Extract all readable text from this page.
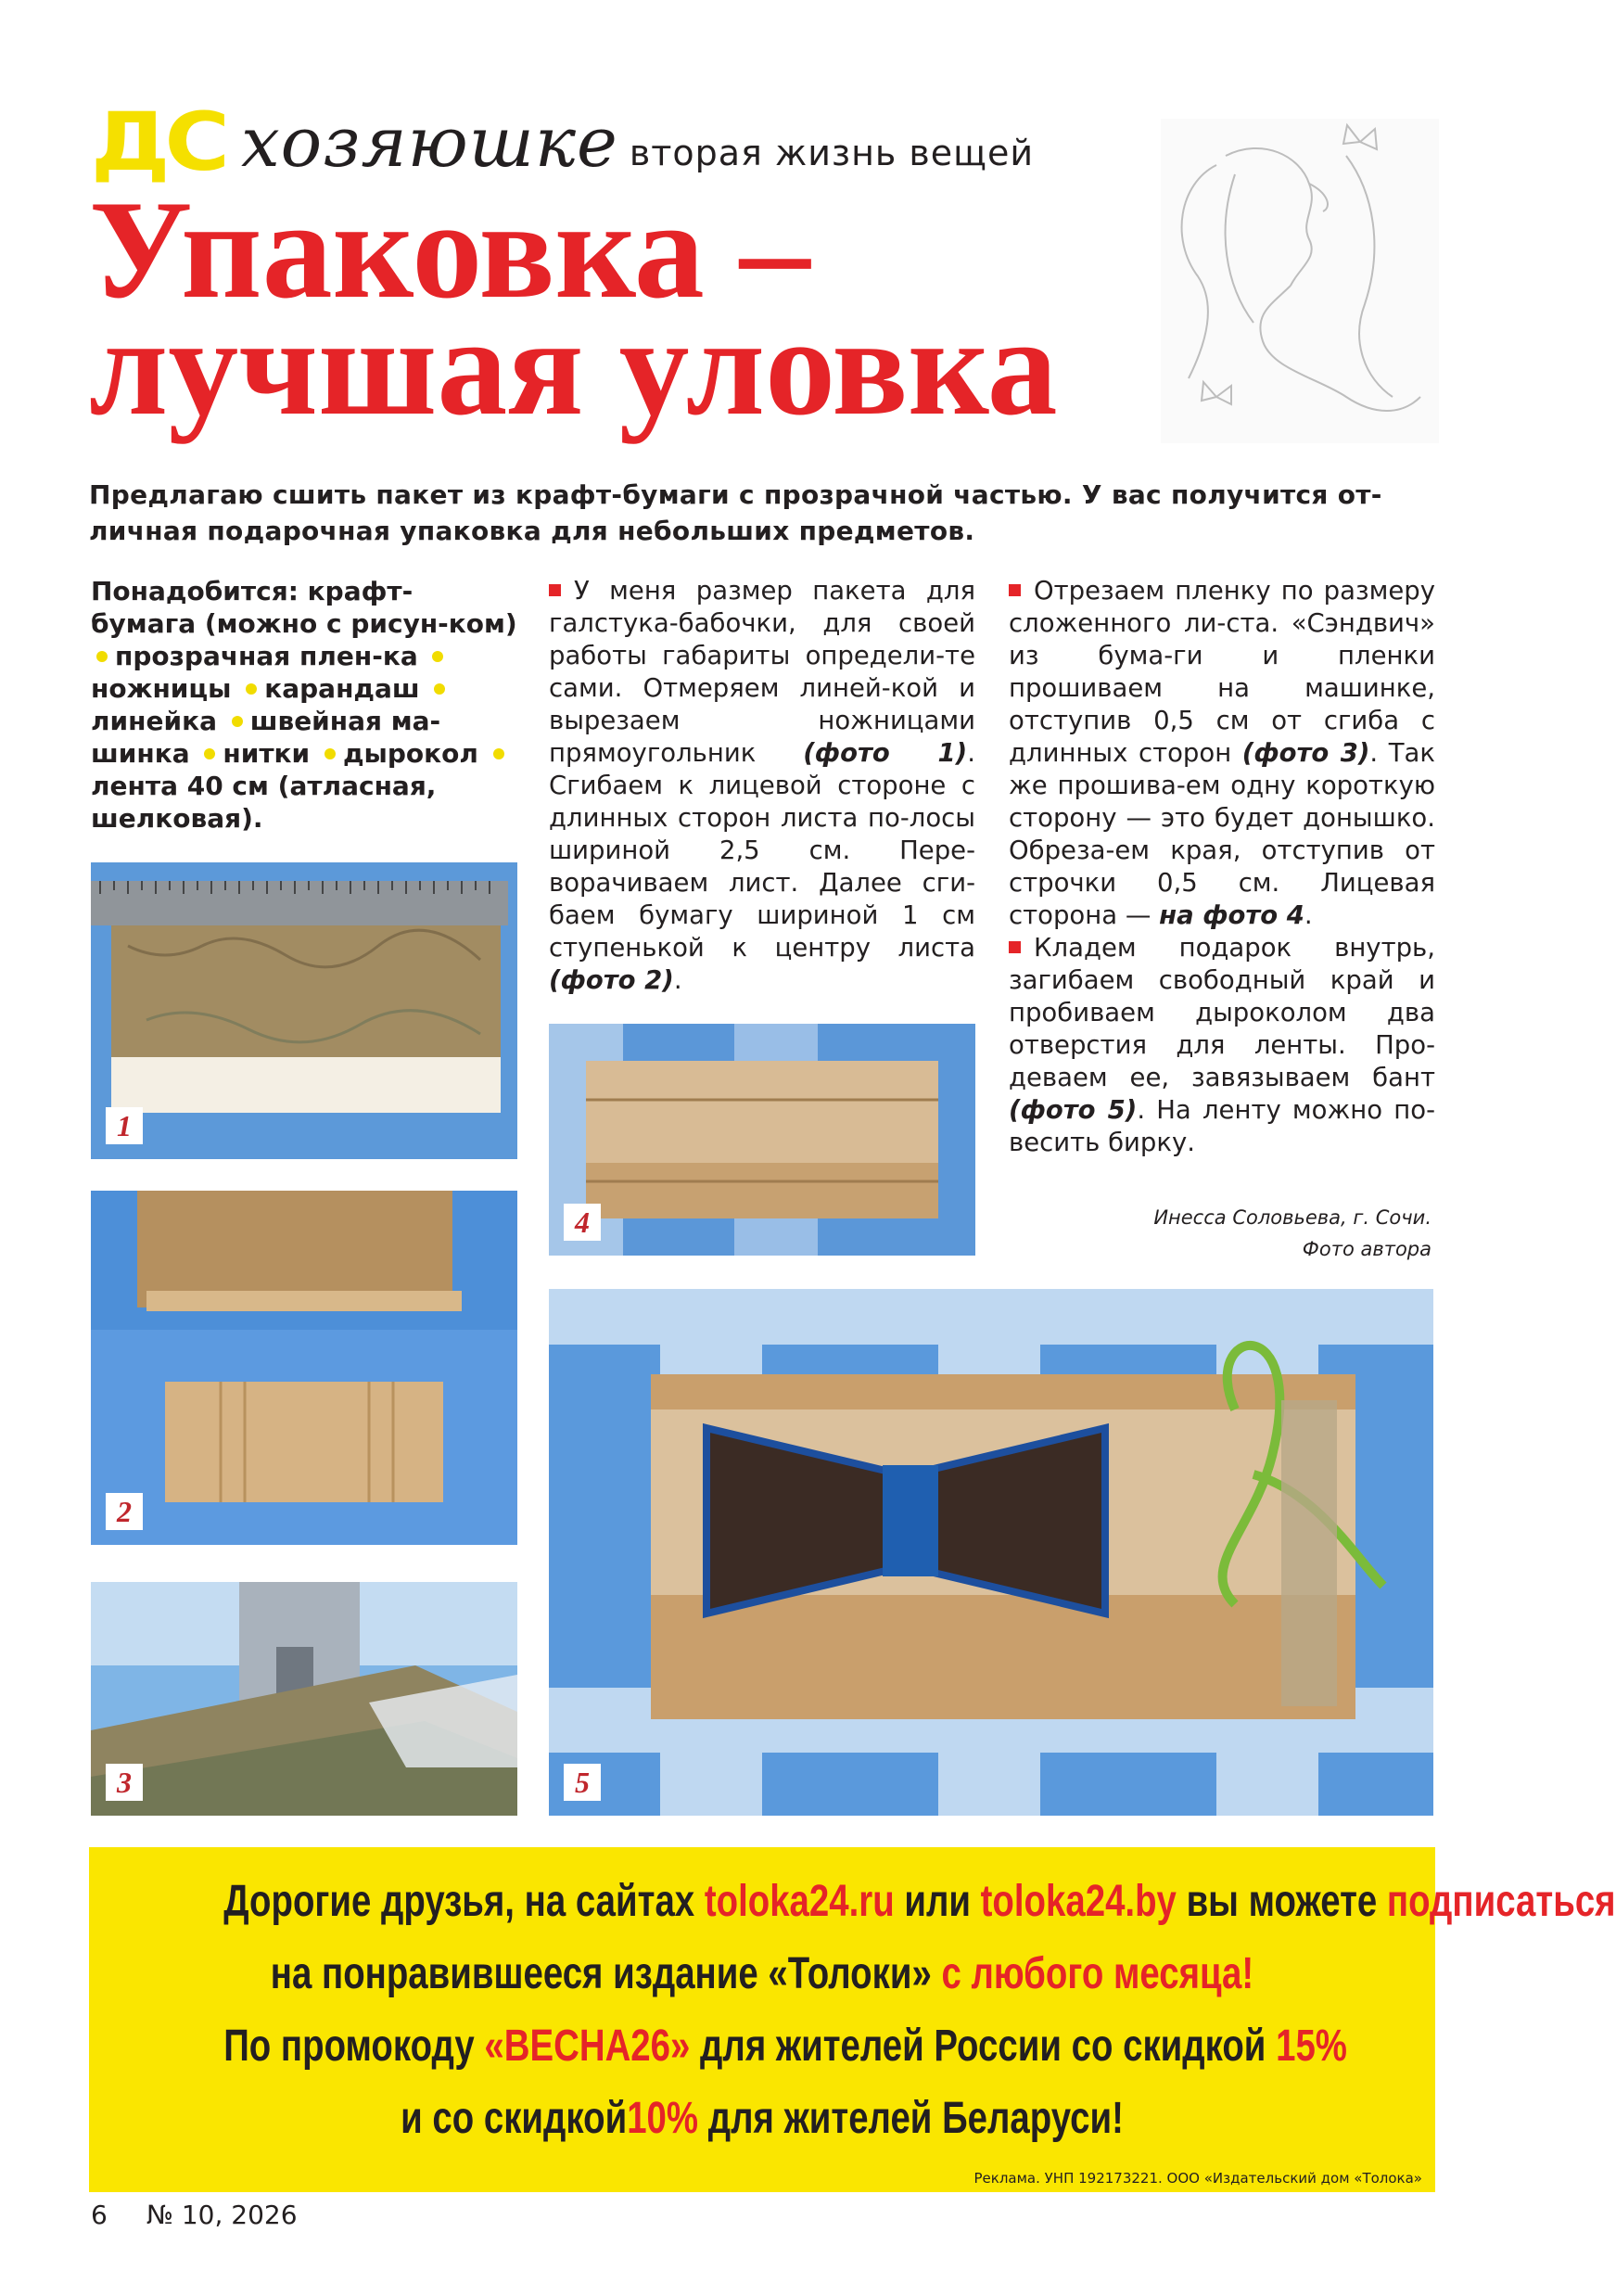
ДС хозяюшке вторая жизнь вещей
Упаковка –
лучшая уловка
Предлагаю сшить пакет из крафт-бумаги с прозрачной частью. У вас получится от-личная подарочная упаковка для небольших предметов.
Понадобится: крафт-бумага (можно с рисун-ком) прозрачная плен-ка ножницы карандаш линейка швейная ма-шинка нитки дырокол лента 40 см (атласная, шелковая).
У меня размер пакета для галстука-бабочки, для своей работы габариты определи-те сами. Отмеряем линей-кой и вырезаем ножницами прямоугольник (фото 1). Сгибаем к лицевой стороне с длинных сторон листа по-лосы шириной 2,5 см. Пере-ворачиваем лист. Далее сги-баем бумагу шириной 1 см ступенькой к центру листа (фото 2).
Отрезаем пленку по размеру сложенного ли-ста. «Сэндвич» из бума-ги и пленки прошиваем на машинке, отступив 0,5 см от сгиба с длинных сторон (фото 3). Так же прошива-ем одну короткую сторону — это будет донышко. Обреза-ем края, отступив от строчки 0,5 см. Лицевая сторона — на фото 4.
Кладем подарок внутрь, загибаем свободный край и пробиваем дыроколом два отверстия для ленты. Про-деваем ее, завязываем бант (фото 5). На ленту можно по-весить бирку.
Инесса Соловьева, г. Сочи.
Фото автора
1
2
3
4
5
Дорогие друзья, на сайтах toloka24.ru или toloka24.by вы можете подписаться
на понравившееся издание «Толоки» с любого месяца!
По промокоду «ВЕСНА26» для жителей России со скидкой 15%
и со скидкой10% для жителей Беларуси!
Реклама. УНП 192173221. ООО «Издательский дом «Толока»
6 № 10, 2026
